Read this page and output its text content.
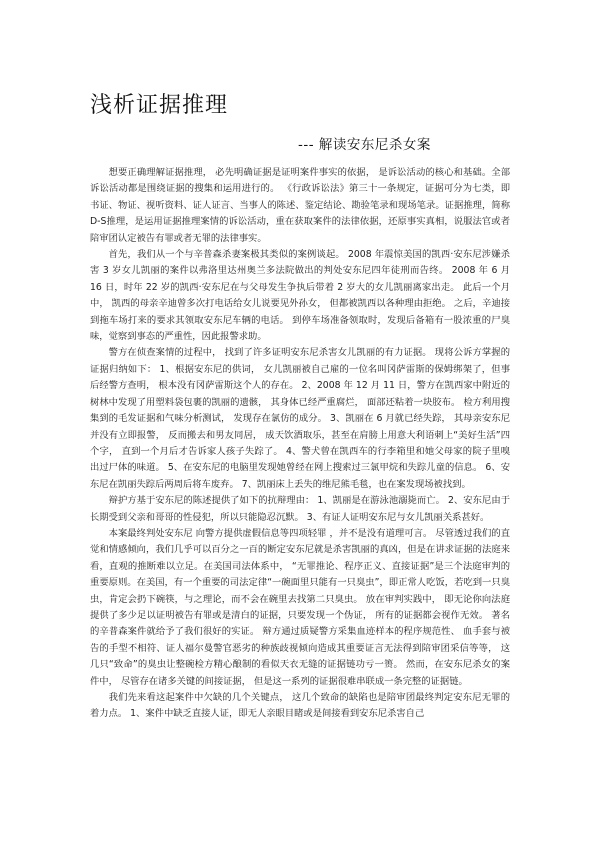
浅析证据推理
--- 解读安东尼杀女案

想要正确理解证据推理， 必先明确证据是证明案件事实的依据， 是诉讼活动的核心和基础。全部诉讼活动都是围绕证据的搜集和运用进行的。 《行政诉讼法》第三十一条规定，证据可分为七类，即书证、物证、视听资料、证人证言、当事人的陈述、鉴定结论、勘验笔录和现场笔录。证据推理，简称 D-S推理，是运用证据推理案情的诉讼活动，重在获取案件的法律依据，还原事实真相，说服法官或者陪审团认定被告有罪或者无罪的法律事实。

首先，我们从一个与辛普森杀妻案极其类似的案例谈起。 2008 年震惊美国的凯西·安东尼涉嫌杀害 3 岁女儿凯丽的案件以弗洛里达州奥兰多法院做出的判处安东尼四年徒刑而告终。 2008 年 6 月 16 日，时年 22 岁的凯西·安东尼在与父母发生争执后带着 2 岁大的女儿凯丽离家出走。 此后一个月中， 凯西的母亲辛迪曾多次打电话给女儿说要见外孙女， 但都被凯西以各种理由拒绝。 之后，辛迪接到拖车场打来的要求其领取安东尼车辆的电话。 到停车场准备领取时，发现后备箱有一股浓重的尸臭味，觉察到事态的严重性，因此报警求助。

警方在侦查案情的过程中， 找到了许多证明安东尼杀害女儿凯丽的有力证据。 现将公诉方掌握的证据归纳如下： 1、根据安东尼的供词， 女儿凯丽被自己雇的一位名叫冈萨雷斯的保姆绑架了，但事后经警方查明， 根本没有冈萨雷斯这个人的存在。 2、2008 年 12 月 11 日，警方在凯西家中附近的树林中发现了用塑料袋包裹的凯丽的遗骸， 其身体已经严重腐烂， 面部还粘着一块胶布。 检方利用搜集到的毛发证据和气味分析测试， 发现存在氯仿的成分。 3、凯丽在 6 月就已经失踪， 其母亲安东尼并没有立即报警， 反而搬去和男友同居， 成天饮酒取乐，甚至在肩膀上用意大利语刺上“美好生活”四个字， 直到一个月后才告诉家人孩子失踪了。 4、警犬曾在凯西车的行李箱里和她父母家的院子里嗅出过尸体的味道。 5、在安东尼的电脑里发现她曾经在网上搜索过三氯甲烷和失踪儿童的信息。 6、安东尼在凯丽失踪后两周后将车废弃。 7、凯丽床上丢失的维尼熊毛毯，也在案发现场被找到。

辩护方基于安东尼的陈述提供了如下的抗辩理由： 1、凯丽是在游泳池溺毙而亡。 2、安东尼由于长期受到父亲和哥哥的性侵犯，所以只能隐忍沉默。 3、有证人证明安东尼与女儿凯丽关系甚好。

本案最终判处安东尼 向警方提供虚假信息等四项轻罪 ，并不是没有道理可言。 尽管透过我们的直觉和情感倾向，我们几乎可以百分之一百的断定安东尼就是杀害凯丽的真凶，但是在讲求证据的法庭来看，直观的推断难以立足。在美国司法体系中， “无罪推论、程序正义、直接证据”是三个法庭审判的重要原则。在美国，有一个重要的司法定律“一碗面里只能有一只臭虫”，即正常人吃饭，若吃到一只臭虫，肯定会扔下碗筷，与之理论，而不会在碗里去找第二只臭虫。 放在审判实践中， 即无论你向法庭提供了多少足以证明被告有罪或是清白的证据，只要发现一个伪证， 所有的证据都会视作无效。 著名的辛普森案件就给予了我们很好的实证。 辩方通过质疑警方采集血迹样本的程序规范性、 血手套与被告的手型不相符、证人福尔曼警官恶劣的种族歧视倾向造成其重要证言无法得到陪审团采信等等， 这几只“致命”的臭虫让整碗检方精心酿制的看似天衣无缝的证据链功亏一篑。 然而，在安东尼杀女的案件中， 尽管存在诸多关键的间接证据， 但是这一系列的证据很难串联成一条完整的证据链。

我们先来看这起案件中欠缺的几个关键点， 这几个致命的缺陷也是陪审团最终判定安东尼无罪的着力点。 1、案件中缺乏直接人证，即无人亲眼目睹或是间接看到安东尼杀害自己
